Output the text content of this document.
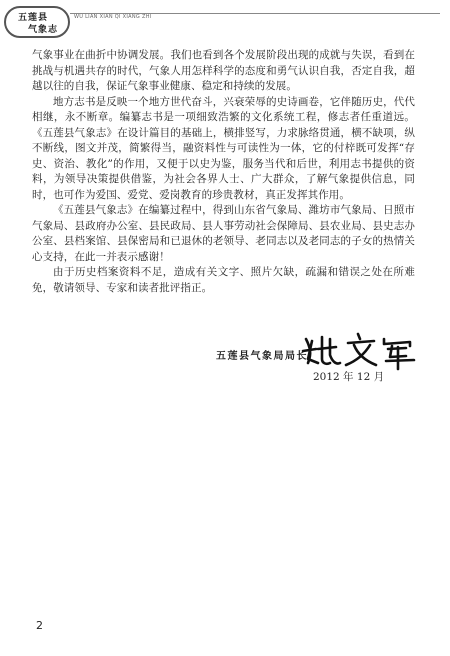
五莲县
气象志
WU LIAN XIAN QI XIANG ZHI

气象事业在曲折中协调发展。我们也看到各个发展阶段出现的成就与失误，看到在挑战与机遇共存的时代，气象人用怎样科学的态度和勇气认识自我，否定自我，超越以往的自我，保证气象事业健康、稳定和持续的发展。

地方志书是反映一个地方世代奋斗，兴衰荣辱的史诗画卷，它伴随历史，代代相继，永不断章。编纂志书是一项细致浩繁的文化系统工程，修志者任重道远。《五莲县气象志》在设计篇目的基础上，横排竖写，力求脉络贯通，横不缺项，纵不断线，图文并茂，简繁得当，融资料性与可读性为一体，它的付梓既可发挥“存史、资治、教化”的作用，又便于以史为鉴，服务当代和后世，利用志书提供的资料，为领导决策提供借鉴，为社会各界人士、广大群众，了解气象提供信息，同时，也可作为爱国、爱党、爱岗教育的珍贵教材，真正发挥其作用。

《五莲县气象志》在编纂过程中，得到山东省气象局、潍坊市气象局、日照市气象局、县政府办公室、县民政局、县人事劳动社会保障局、县农业局、县史志办公室、县档案馆、县保密局和已退休的老领导、老同志以及老同志的子女的热情关心支持，在此一并表示感谢！

由于历史档案资料不足，造成有关文字、照片欠缺，疏漏和错误之处在所难免，敬请领导、专家和读者批评指正。

五莲县气象局局长
2012 年 12 月
2
